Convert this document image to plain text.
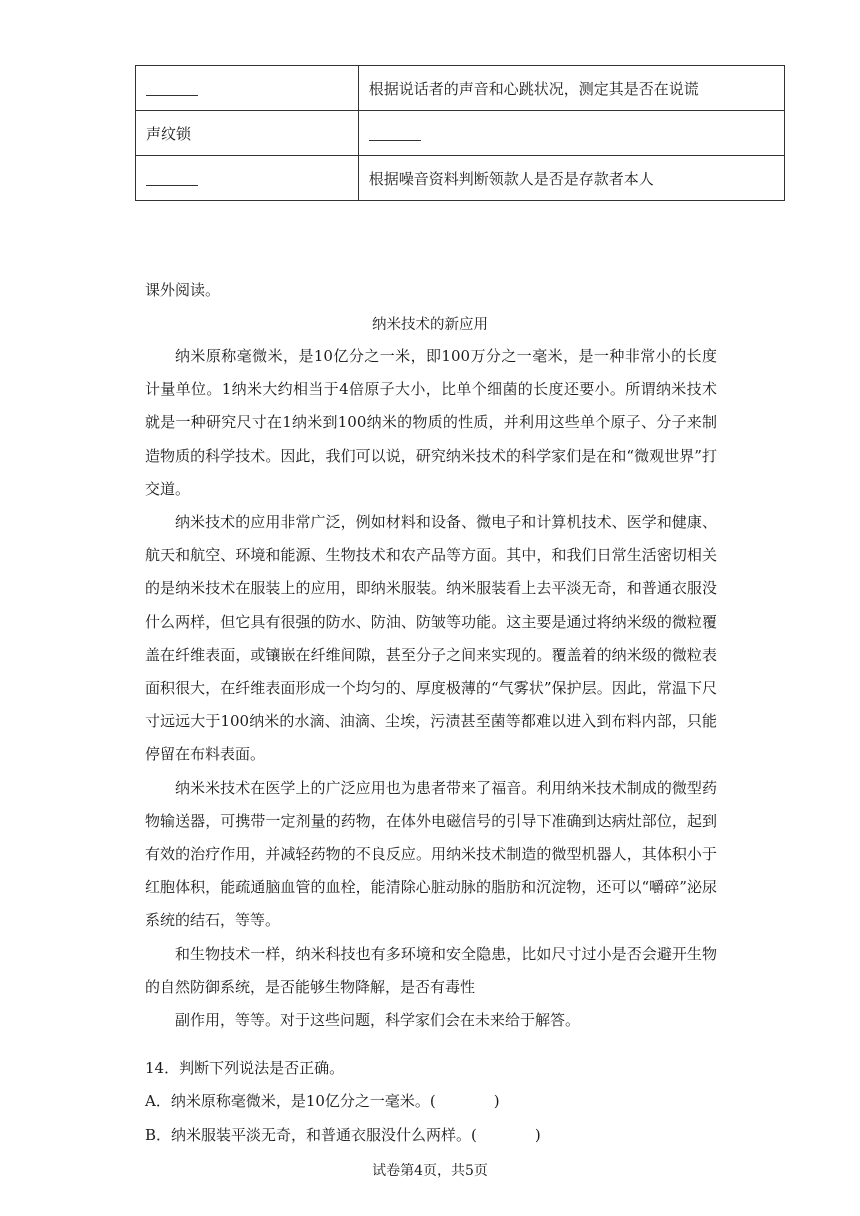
	根据说话者的声音和心跳状况，测定其是否在说谎
声纹锁	
	根据噪音资料判断领款人是否是存款者本人
课外阅读。
纳米技术的新应用

纳米原称毫微米，是10亿分之一米，即100万分之一毫米，是一种非常小的长度计量单位。1纳米大约相当于4倍原子大小，比单个细菌的长度还要小。所谓纳米技术就是一种研究尺寸在1纳米到100纳米的物质的性质，并利用这些单个原子、分子来制造物质的科学技术。因此，我们可以说，研究纳米技术的科学家们是在和“微观世界”打交道。

纳米技术的应用非常广泛，例如材料和设备、微电子和计算机技术、医学和健康、航天和航空、环境和能源、生物技术和农产品等方面。其中，和我们日常生活密切相关的是纳米技术在服装上的应用，即纳米服装。纳米服装看上去平淡无奇，和普通衣服没什么两样，但它具有很强的防水、防油、防皱等功能。这主要是通过将纳米级的微粒覆盖在纤维表面，或镶嵌在纤维间隙，甚至分子之间来实现的。覆盖着的纳米级的微粒表面积很大，在纤维表面形成一个均匀的、厚度极薄的“气雾状”保护层。因此，常温下尺寸远远大于100纳米的水滴、油滴、尘埃，污渍甚至菌等都难以进入到布料内部，只能停留在布料表面。

纳米米技术在医学上的广泛应用也为患者带来了福音。利用纳米技术制成的微型药物输送器，可携带一定剂量的药物，在体外电磁信号的引导下准确到达病灶部位，起到有效的治疗作用，并减轻药物的不良反应。用纳米技术制造的微型机器人，其体积小于红胞体积，能疏通脑血管的血栓，能清除心脏动脉的脂肪和沉淀物，还可以“嚼碎”泌尿系统的结石，等等。

和生物技术一样，纳米科技也有多环境和安全隐患，比如尺寸过小是否会避开生物的自然防御系统，是否能够生物降解，是否有毒性

副作用，等等。对于这些问题，科学家们会在未来给于解答。

14．判断下列说法是否正确。
A．纳米原称毫微米，是10亿分之一毫米。(	)
B．纳米服装平淡无奇，和普通衣服没什么两样。(	)
试卷第4页，共5页
